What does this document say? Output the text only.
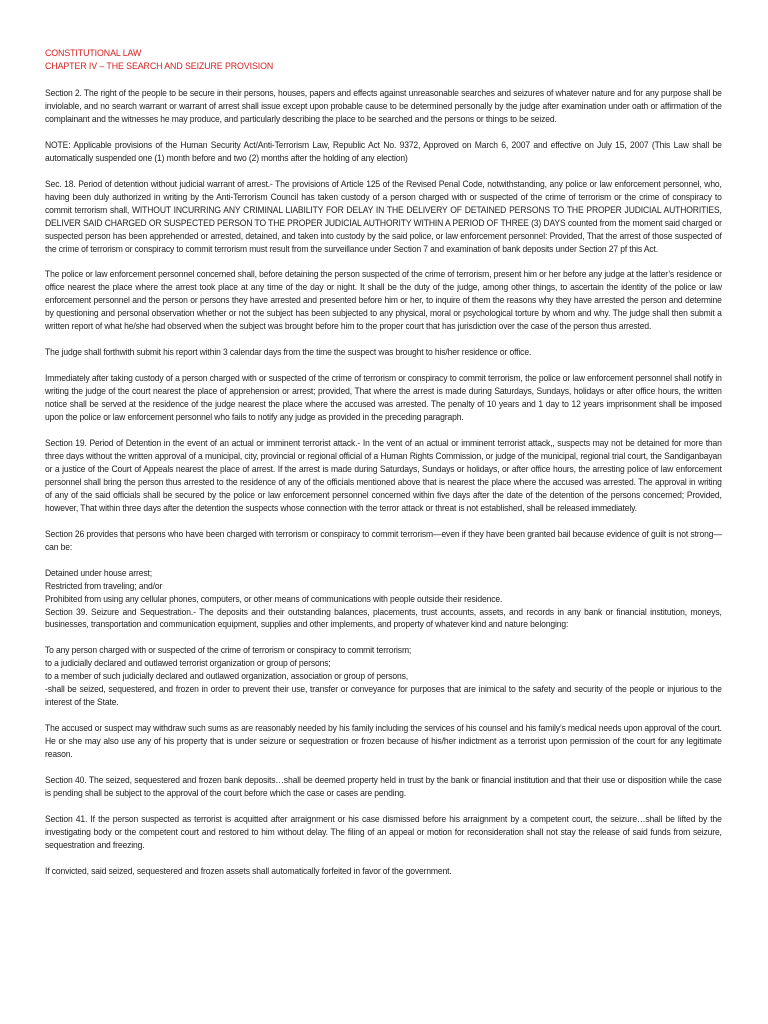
CONSTITUTIONAL LAW
CHAPTER IV – THE SEARCH AND SEIZURE PROVISION

Section 2. The right of the people to be secure in their persons, houses, papers and effects against unreasonable searches and seizures of whatever nature and for any purpose shall be inviolable, and no search warrant or warrant of arrest shall issue except upon probable cause to be determined personally by the judge after examination under oath or affirmation of the complainant and the witnesses he may produce, and particularly describing the place to be searched and the persons or things to be seized.

NOTE: Applicable provisions of the Human Security Act/Anti-Terrorism Law, Republic Act No. 9372, Approved on March 6, 2007 and effective on July 15, 2007 (This Law shall be automatically suspended one (1) month before and two (2) months after the holding of any election)

Sec. 18. Period of detention without judicial warrant of arrest.- The provisions of Article 125 of the Revised Penal Code, notwithstanding, any police or law enforcement personnel, who, having been duly authorized in writing by the Anti-Terrorism Council has taken custody of a person charged with or suspected of the crime of terrorism or the crime of conspiracy to commit terrorism shall, WITHOUT INCURRING ANY CRIMINAL LIABILITY FOR DELAY IN THE DELIVERY OF DETAINED PERSONS TO THE PROPER JUDICIAL AUTHORITIES, DELIVER SAID CHARGED OR SUSPECTED PERSON TO THE PROPER JUDICIAL AUTHORITY WITHIN A PERIOD OF THREE (3) DAYS counted from the moment said charged or suspected person has been apprehended or arrested, detained, and taken into custody by the said police, or law enforcement personnel: Provided, That the arrest of those suspected of the crime of terrorism or conspiracy to commit terrorism must result from the surveillance under Section 7 and examination of bank deposits under Section 27 pf this Act.

The police or law enforcement personnel concerned shall, before detaining the person suspected of the crime of terrorism, present him or her before any judge at the latter’s residence or office nearest the place where the arrest took place at any time of the day or night. It shall be the duty of the judge, among other things, to ascertain the identity of the police or law enforcement personnel and the person or persons they have arrested and presented before him or her, to inquire of them the reasons why they have arrested the person and determine by questioning and personal observation whether or not the subject has been subjected to any physical, moral or psychological torture by whom and why. The judge shall then submit a written report of what he/she had observed when the subject was brought before him to the proper court that has jurisdiction over the case of the person thus arrested.

The judge shall forthwith submit his report within 3 calendar days from the time the suspect was brought to his/her residence or office.

Immediately after taking custody of a person charged with or suspected of the crime of terrorism or conspiracy to commit terrorism, the police or law enforcement personnel shall notify in writing the judge of the court nearest the place of apprehension or arrest; provided, That where the arrest is made during Saturdays, Sundays, holidays or after office hours, the written notice shall be served at the residence of the judge nearest the place where the accused was arrested. The penalty of 10 years and 1 day to 12 years imprisonment shall be imposed upon the police or law enforcement personnel who fails to notify any judge as provided in the preceding paragraph.

Section 19. Period of Detention in the event of an actual or imminent terrorist attack.- In the vent of an actual or imminent terrorist attack,, suspects may not be detained for more than three days without the written approval of a municipal, city, provincial or regional official of a Human Rights Commission, or judge of the municipal, regional trial court, the Sandiganbayan or a justice of the Court of Appeals nearest the place of arrest. If the arrest is made during Saturdays, Sundays or holidays, or after office hours, the arresting police of law enforcement personnel shall bring the person thus arrested to the residence of any of the officials mentioned above that is nearest the place where the accused was arrested. The approval in writing of any of the said officials shall be secured by the police or law enforcement personnel concerned within five days after the date of the detention of the persons concerned; Provided, however, That within three days after the detention the suspects whose connection with the terror attack or threat is not established, shall be released immediately.

Section 26 provides that persons who have been charged with terrorism or conspiracy to commit terrorism—even if they have been granted bail because evidence of guilt is not strong—can be:

Detained under house arrest;

Restricted from traveling; and/or

Prohibited from using any cellular phones, computers, or other means of communications with people outside their residence.

Section 39. Seizure and Sequestration.- The deposits and their outstanding balances, placements, trust accounts, assets, and records in any bank or financial institution, moneys, businesses, transportation and communication equipment, supplies and other implements, and property of whatever kind and nature belonging:

To any person charged with or suspected of the crime of terrorism or conspiracy to commit terrorism;

to a judicially declared and outlawed terrorist organization or group of persons;

to a member of such judicially declared and outlawed organization, association or group of persons,

-shall be seized, sequestered, and frozen in order to prevent their use, transfer or conveyance for purposes that are inimical to the safety and security of the people or injurious to the interest of the State.

The accused or suspect may withdraw such sums as are reasonably needed by his family including the services of his counsel and his family’s medical needs upon approval of the court. He or she may also use any of his property that is under seizure or sequestration or frozen because of his/her indictment as a terrorist upon permission of the court for any legitimate reason.

Section 40. The seized, sequestered and frozen bank deposits…shall be deemed property held in trust by the bank or financial institution and that their use or disposition while the case is pending shall be subject to the approval of the court before which the case or cases are pending.

Section 41. If the person suspected as terrorist is acquitted after arraignment or his case dismissed before his arraignment by a competent court, the seizure…shall be lifted by the investigating body or the competent court and restored to him without delay. The filing of an appeal or motion for reconsideration shall not stay the release of said funds from seizure, sequestration and freezing.

If convicted, said seized, sequestered and frozen assets shall automatically forfeited in favor of the government.
